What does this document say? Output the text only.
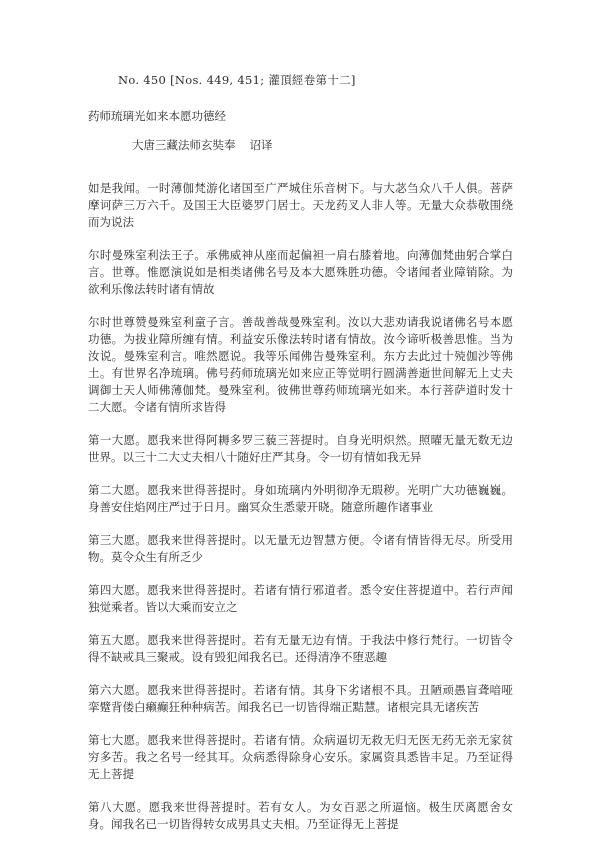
No. 450 [Nos. 449, 451; 灌頂經卷第十二]
药师琉璃光如来本愿功德经
大唐三藏法师玄奘奉 诏译

如是我闻。一时薄伽梵游化诸国至广严城住乐音树下。与大苾刍众八千人俱。菩萨摩诃萨三万六千。及国王大臣婆罗门居士。天龙药叉人非人等。无量大众恭敬围绕而为说法

尔时曼殊室利法王子。承佛威神从座而起偏袒一肩右膝着地。向薄伽梵曲躬合掌白言。世尊。惟愿演说如是相类诸佛名号及本大愿殊胜功德。令诸闻者业障销除。为欲利乐像法转时诸有情故

尔时世尊赞曼殊室利童子言。善哉善哉曼殊室利。汝以大悲劝请我说诸佛名号本愿功德。为拔业障所缠有情。利益安乐像法转时诸有情故。汝今谛听极善思惟。当为汝说。曼殊室利言。唯然愿说。我等乐闻佛告曼殊室利。东方去此过十殑伽沙等佛土。有世界名净琉璃。佛号药师琉璃光如来应正等觉明行圆满善逝世间解无上丈夫调御士天人师佛薄伽梵。曼殊室利。彼佛世尊药师琉璃光如来。本行菩萨道时发十二大愿。令诸有情所求皆得

第一大愿。愿我来世得阿耨多罗三藐三菩提时。自身光明炽然。照曜无量无数无边世界。以三十二大丈夫相八十随好庄严其身。令一切有情如我无异

第二大愿。愿我来世得菩提时。身如琉璃内外明彻净无瑕秽。光明广大功德巍巍。身善安住焰网庄严过于日月。幽冥众生悉蒙开晓。随意所趣作诸事业

第三大愿。愿我来世得菩提时。以无量无边智慧方便。令诸有情皆得无尽。所受用物。莫令众生有所乏少

第四大愿。愿我来世得菩提时。若诸有情行邪道者。悉令安住菩提道中。若行声闻独觉乘者。皆以大乘而安立之

第五大愿。愿我来世得菩提时。若有无量无边有情。于我法中修行梵行。一切皆令得不缺戒具三聚戒。设有毁犯闻我名已。还得清净不堕恶趣

第六大愿。愿我来世得菩提时。若诸有情。其身下劣诸根不具。丑陋顽愚盲聋喑哑挛躄背偻白癞癫狂种种病苦。闻我名已一切皆得端正黠慧。诸根完具无诸疾苦

第七大愿。愿我来世得菩提时。若诸有情。众病逼切无救无归无医无药无亲无家贫穷多苦。我之名号一经其耳。众病悉得除身心安乐。家属资具悉皆丰足。乃至证得无上菩提

第八大愿。愿我来世得菩提时。若有女人。为女百恶之所逼恼。极生厌离愿舍女身。闻我名已一切皆得转女成男具丈夫相。乃至证得无上菩提
